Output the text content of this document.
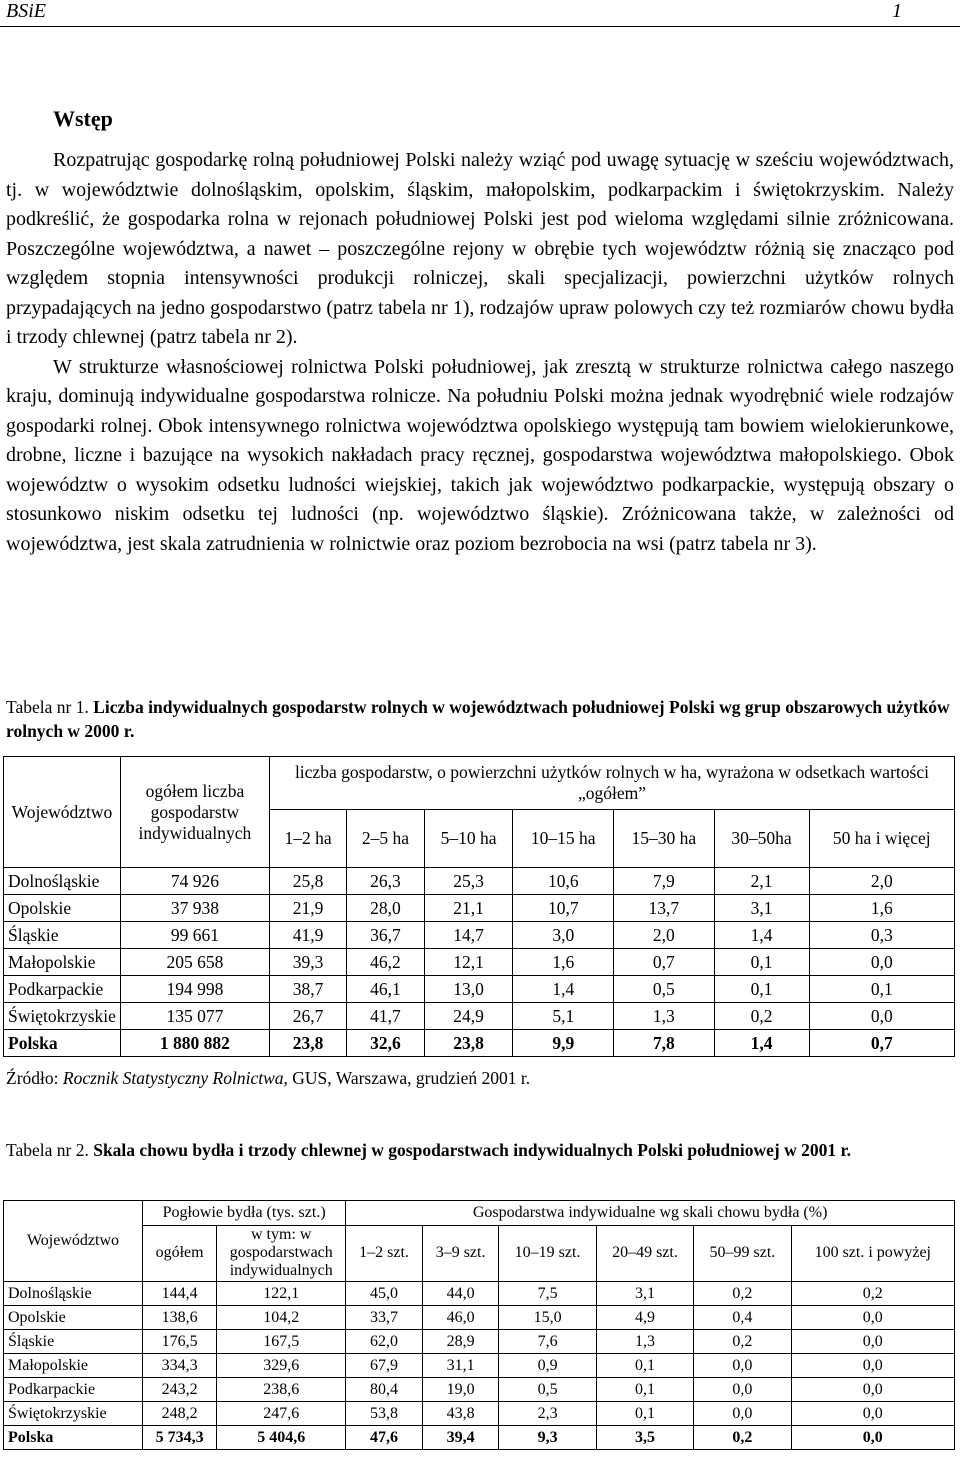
BSiE	1
Wstęp

Rozpatrując gospodarkę rolną południowej Polski należy wziąć pod uwagę sytuację w sześciu województwach, tj. w województwie dolnośląskim, opolskim, śląskim, małopolskim, podkarpackim i świętokrzyskim. Należy podkreślić, że gospodarka rolna w rejonach południowej Polski jest pod wieloma względami silnie zróżnicowana. Poszczególne województwa, a nawet – poszczególne rejony w obrębie tych województw różnią się znacząco pod względem stopnia intensywności produkcji rolniczej, skali specjalizacji, powierzchni użytków rolnych przypadających na jedno gospodarstwo (patrz tabela nr 1), rodzajów upraw polowych czy też rozmiarów chowu bydła i trzody chlewnej (patrz tabela nr 2).

W strukturze własnościowej rolnictwa Polski południowej, jak zresztą w strukturze rolnictwa całego naszego kraju, dominują indywidualne gospodarstwa rolnicze. Na południu Polski można jednak wyodrębnić wiele rodzajów gospodarki rolnej. Obok intensywnego rolnictwa województwa opolskiego występują tam bowiem wielokierunkowe, drobne, liczne i bazujące na wysokich nakładach pracy ręcznej, gospodarstwa województwa małopolskiego. Obok województw o wysokim odsetku ludności wiejskiej, takich jak województwo podkarpackie, występują obszary o stosunkowo niskim odsetku tej ludności (np. województwo śląskie). Zróżnicowana także, w zależności od województwa, jest skala zatrudnienia w rolnictwie oraz poziom bezrobocia na wsi (patrz tabela nr 3).

Tabela nr 1. Liczba indywidualnych gospodarstw rolnych w województwach południowej Polski wg grup obszarowych użytków rolnych w 2000 r.
Województwo	ogółem liczba gospodarstw indywidualnych	liczba gospodarstw, o powierzchni użytków rolnych w ha, wyrażona w odsetkach wartości „ogółem”						
		1–2 ha	2–5 ha	5–10 ha	10–15 ha	15–30 ha	30–50ha	50 ha i więcej
Dolnośląskie	74 926	25,8	26,3	25,3	10,6	7,9	2,1	2,0
Opolskie	37 938	21,9	28,0	21,1	10,7	13,7	3,1	1,6
Śląskie	99 661	41,9	36,7	14,7	3,0	2,0	1,4	0,3
Małopolskie	205 658	39,3	46,2	12,1	1,6	0,7	0,1	0,0
Podkarpackie	194 998	38,7	46,1	13,0	1,4	0,5	0,1	0,1
Świętokrzyskie	135 077	26,7	41,7	24,9	5,1	1,3	0,2	0,0
Polska	1 880 882	23,8	32,6	23,8	9,9	7,8	1,4	0,7
Źródło: Rocznik Statystyczny Rolnictwa, GUS, Warszawa, grudzień 2001 r.
Tabela nr 2. Skala chowu bydła i trzody chlewnej w gospodarstwach indywidualnych Polski południowej w 2001 r.
Województwo	Pogłowie bydła (tys. szt.)		Gospodarstwa indywidualne wg skali chowu bydła (%)					
	ogółem	w tym: w gospodarstwach indywidualnych	1–2 szt.	3–9 szt.	10–19 szt.	20–49 szt.	50–99 szt.	100 szt. i powyżej
Dolnośląskie	144,4	122,1	45,0	44,0	7,5	3,1	0,2	0,2
Opolskie	138,6	104,2	33,7	46,0	15,0	4,9	0,4	0,0
Śląskie	176,5	167,5	62,0	28,9	7,6	1,3	0,2	0,0
Małopolskie	334,3	329,6	67,9	31,1	0,9	0,1	0,0	0,0
Podkarpackie	243,2	238,6	80,4	19,0	0,5	0,1	0,0	0,0
Świętokrzyskie	248,2	247,6	53,8	43,8	2,3	0,1	0,0	0,0
Polska	5 734,3	5 404,6	47,6	39,4	9,3	3,5	0,2	0,0
